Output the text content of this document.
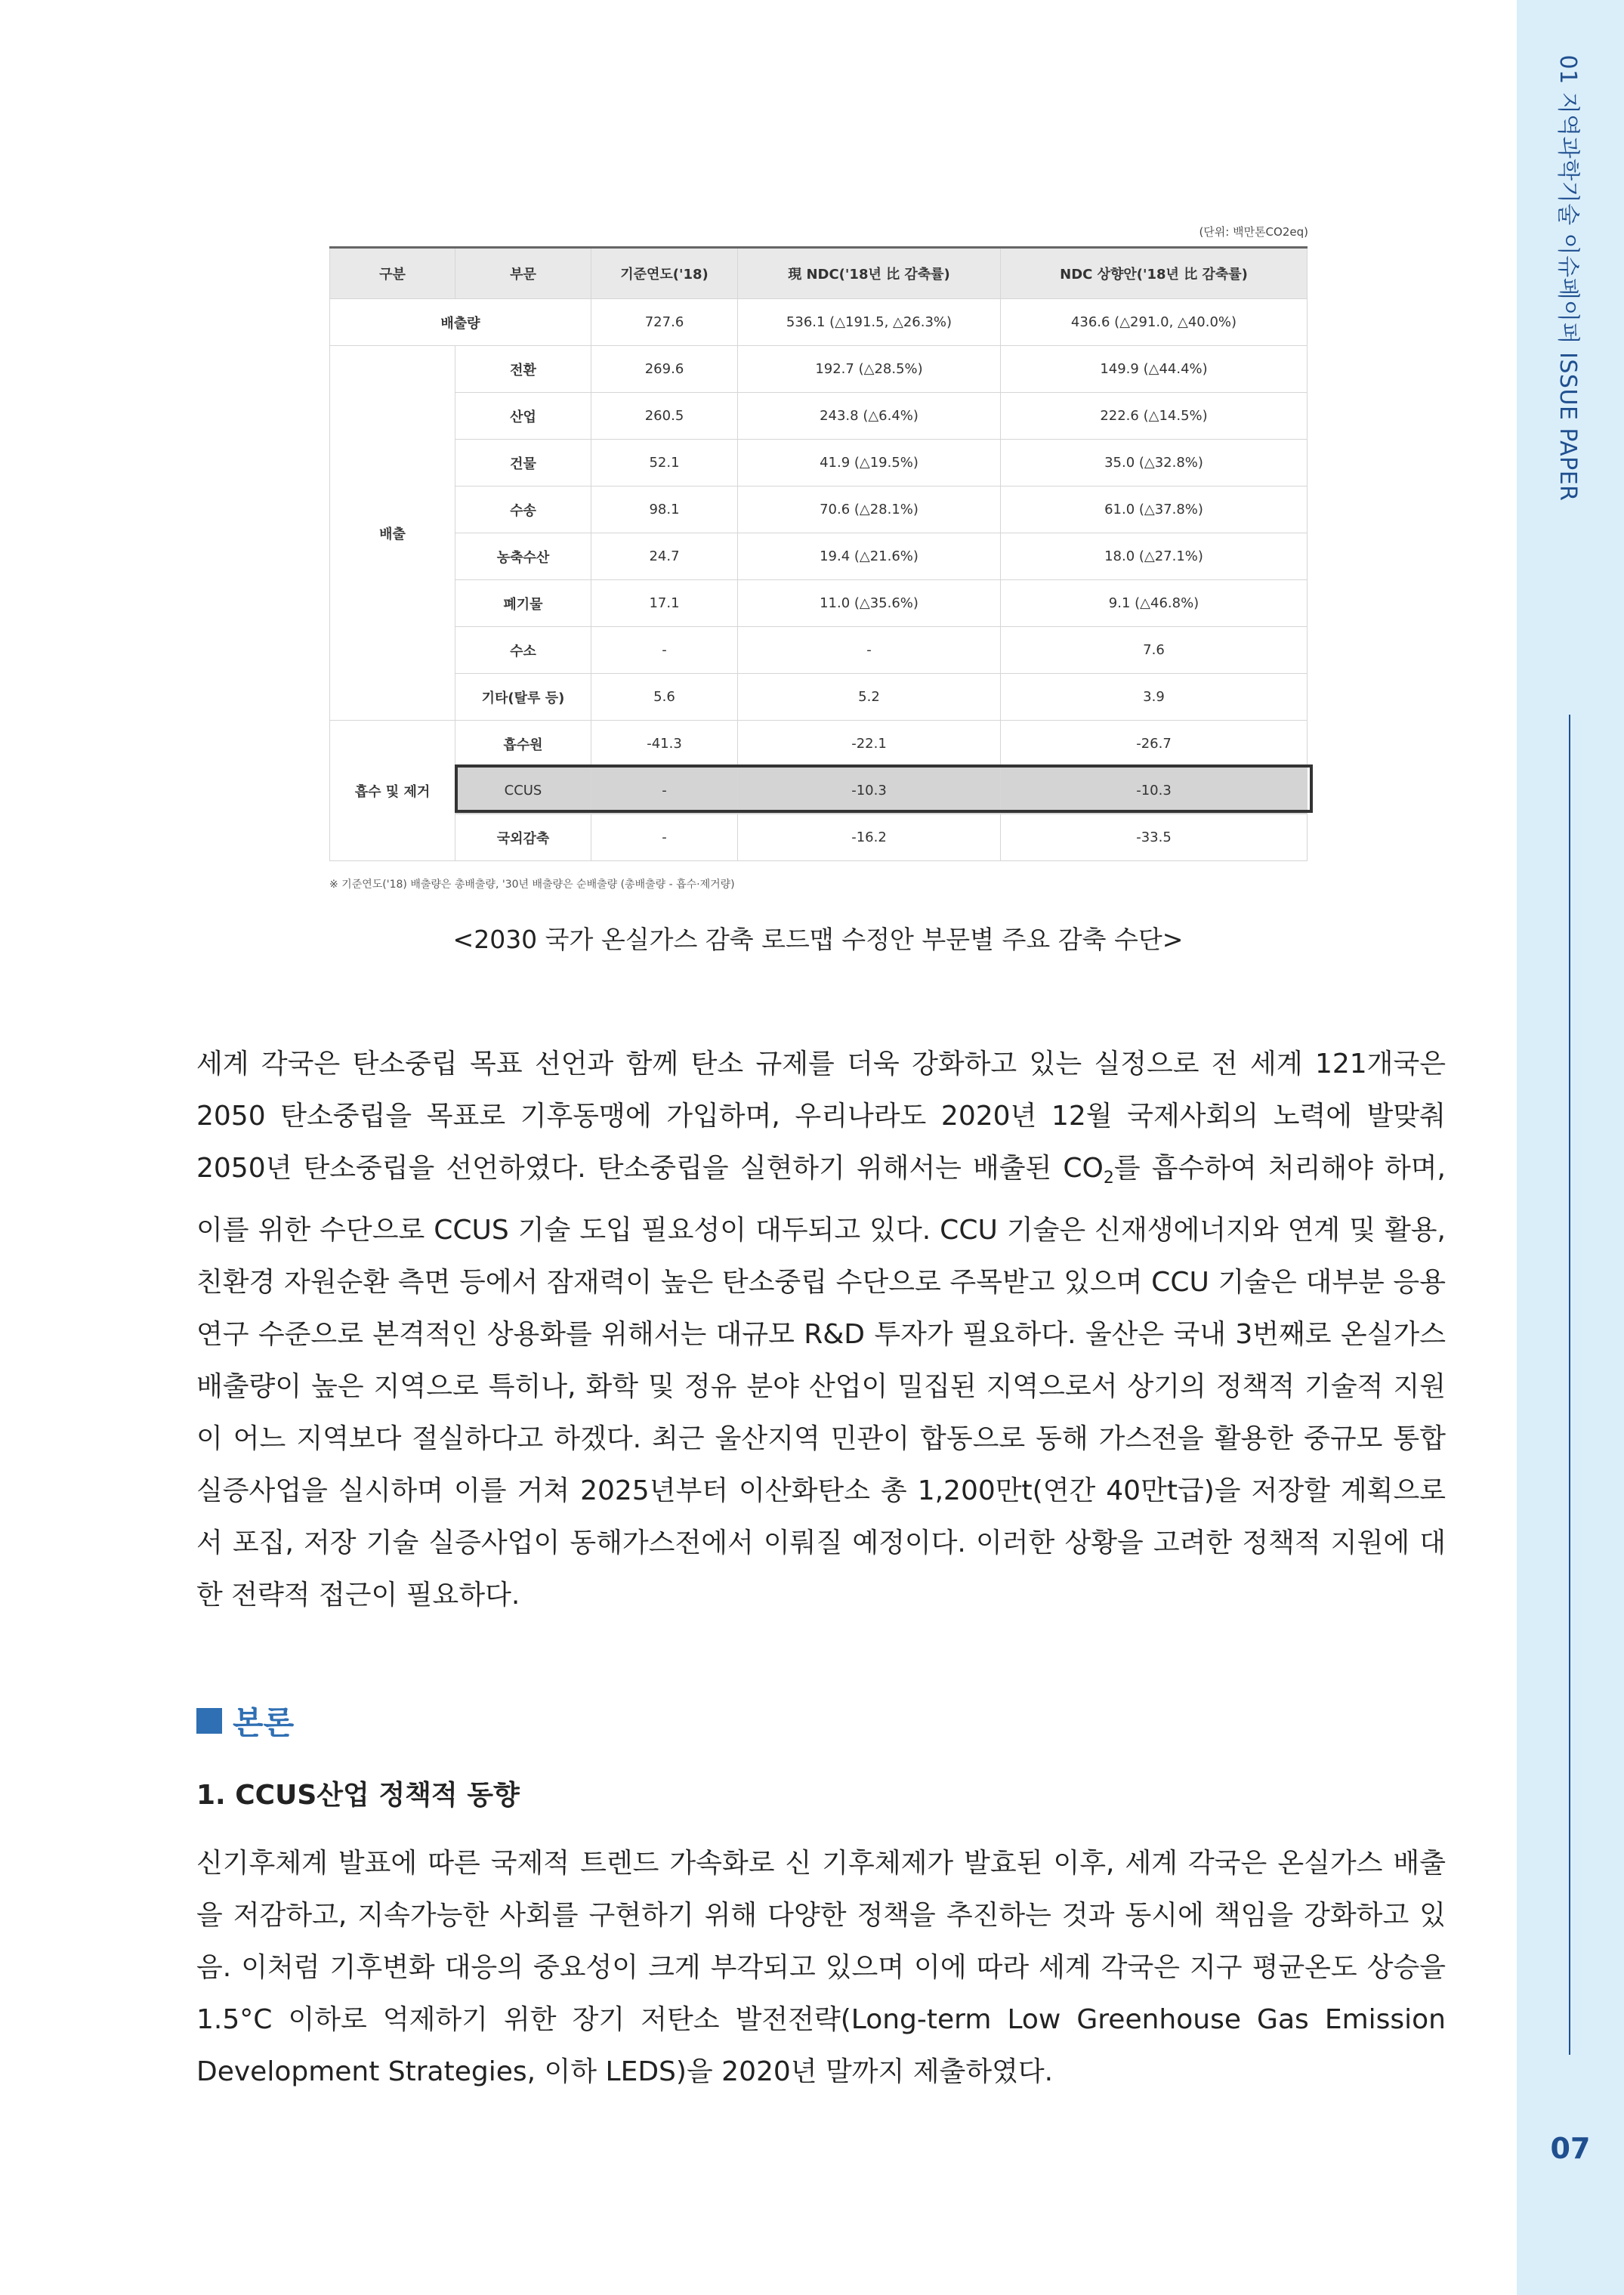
01 지역과학기술 이슈페이퍼 ISSUE PAPER
07
(단위: 백만톤CO2eq)
구분	부문	기준연도('18)	現 NDC('18년 比 감축률)	NDC 상향안('18년 比 감축률)
배출량		727.6	536.1 (△191.5, △26.3%)	436.6 (△291.0, △40.0%)
배출	전환	269.6	192.7 (△28.5%)	149.9 (△44.4%)
	산업	260.5	243.8 (△6.4%)	222.6 (△14.5%)
	건물	52.1	41.9 (△19.5%)	35.0 (△32.8%)
	수송	98.1	70.6 (△28.1%)	61.0 (△37.8%)
	농축수산	24.7	19.4 (△21.6%)	18.0 (△27.1%)
	폐기물	17.1	11.0 (△35.6%)	9.1 (△46.8%)
	수소	-	-	7.6
	기타(탈루 등)	5.6	5.2	3.9
흡수 및 제거	흡수원	-41.3	-22.1	-26.7
	CCUS	-	-10.3	-10.3
	국외감축	-	-16.2	-33.5
※ 기준연도('18) 배출량은 총배출량, '30년 배출량은 순배출량 (총배출량 - 흡수·제거량)
<2030 국가 온실가스 감축 로드맵 수정안 부문별 주요 감축 수단>

세계 각국은 탄소중립 목표 선언과 함께 탄소 규제를 더욱 강화하고 있는 실정으로 전 세계 121개국은 2050 탄소중립을 목표로 기후동맹에 가입하며, 우리나라도 2020년 12월 국제사회의 노력에 발맞춰 2050년 탄소중립을 선언하였다. 탄소중립을 실현하기 위해서는 배출된 $CO_2$를 흡수하여 처리해야 하며, 이를 위한 수단으로 CCUS 기술 도입 필요성이 대두되고 있다. CCU 기술은 신재생에너지와 연계 및 활용, 친환경 자원순환 측면 등에서 잠재력이 높은 탄소중립 수단으로 주목받고 있으며 CCU 기술은 대부분 응용연구 수준으로 본격적인 상용화를 위해서는 대규모 R&D 투자가 필요하다. 울산은 국내 3번째로 온실가스 배출량이 높은 지역으로 특히나, 화학 및 정유 분야 산업이 밀집된 지역으로서 상기의 정책적 기술적 지원이 어느 지역보다 절실하다고 하겠다. 최근 울산지역 민관이 합동으로 동해 가스전을 활용한 중규모 통합 실증사업을 실시하며 이를 거쳐 2025년부터 이산화탄소 총 1,200만t(연간 40만t급)을 저장할 계획으로서 포집, 저장 기술 실증사업이 동해가스전에서 이뤄질 예정이다. 이러한 상황을 고려한 정책적 지원에 대한 전략적 접근이 필요하다.

본론
1. CCUS산업 정책적 동향

신기후체계 발표에 따른 국제적 트렌드 가속화로 신 기후체제가 발효된 이후, 세계 각국은 온실가스 배출을 저감하고, 지속가능한 사회를 구현하기 위해 다양한 정책을 추진하는 것과 동시에 책임을 강화하고 있음. 이처럼 기후변화 대응의 중요성이 크게 부각되고 있으며 이에 따라 세계 각국은 지구 평균온도 상승을 1.5°C 이하로 억제하기 위한 장기 저탄소 발전전략(Long-term Low Greenhouse Gas Emission Development Strategies, 이하 LEDS)을 2020년 말까지 제출하였다.
